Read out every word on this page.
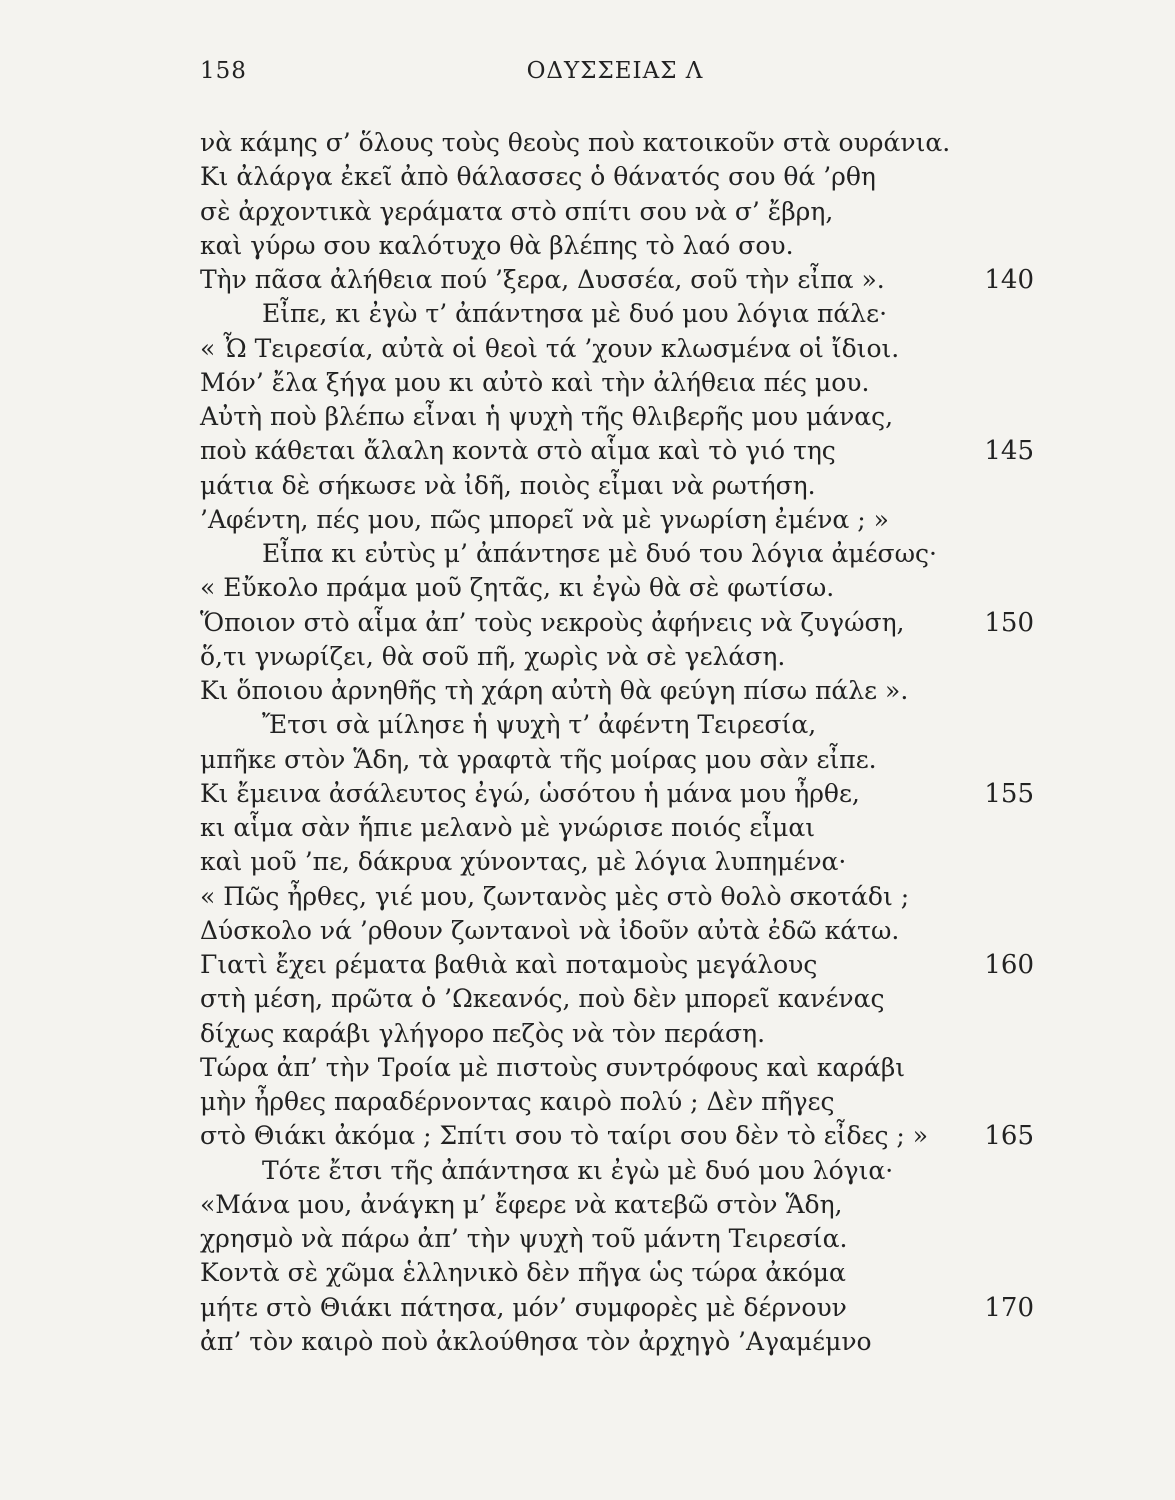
158	ΟΔΥΣΣΕΙΑΣ Λ
νὰ κάμης σ’ ὅλους τοὺς θεοὺς ποὺ κατοικοῦν στὰ ουράνια.
Κι ἀλάργα ἐκεῖ ἀπὸ θάλασσες ὁ θάνατός σου θά ’ρθη
σὲ ἀρχοντικὰ γεράματα στὸ σπίτι σου νὰ σ’ ἔβρη,
καὶ γύρω σου καλότυχο θὰ βλέπης τὸ λαό σου.
Τὴν πᾶσα ἀλήθεια πού ’ξερα, Δυσσέα, σοῦ τὴν εἶπα ».	140
Εἶπε, κι ἐγὼ τ’ ἀπάντησα μὲ δυό μου λόγια πάλε·
« Ὦ Τειρεσία, αὐτὰ οἱ θεοὶ τά ’χουν κλωσμένα οἱ ἴδιοι.
Μόν’ ἔλα ξήγα μου κι αὐτὸ καὶ τὴν ἀλήθεια πές μου.
Αὐτὴ ποὺ βλέπω εἶναι ἡ ψυχὴ τῆς θλιβερῆς μου μάνας,
ποὺ κάθεται ἄλαλη κοντὰ στὸ αἷμα καὶ τὸ γιό της	145
μάτια δὲ σήκωσε νὰ ἰδῆ, ποιὸς εἶμαι νὰ ρωτήση.
’Αφέντη, πές μου, πῶς μπορεῖ νὰ μὲ γνωρίση ἐμένα ; »
Εἶπα κι εὐτὺς μ’ ἀπάντησε μὲ δυό του λόγια ἀμέσως·
« Εὔκολο πράμα μοῦ ζητᾶς, κι ἐγὼ θὰ σὲ φωτίσω.
Ὅποιον στὸ αἷμα ἀπ’ τοὺς νεκροὺς ἀφήνεις νὰ ζυγώση,	150
ὅ,τι γνωρίζει, θὰ σοῦ πῆ, χωρὶς νὰ σὲ γελάση.
Κι ὅποιου ἀρνηθῆς τὴ χάρη αὐτὴ θὰ φεύγη πίσω πάλε ».
Ἔτσι σὰ μίλησε ἡ ψυχὴ τ’ ἀφέντη Τειρεσία,
μπῆκε στὸν Ἅδη, τὰ γραφτὰ τῆς μοίρας μου σὰν εἶπε.
Κι ἔμεινα ἀσάλευτος ἐγώ, ὡσότου ἡ μάνα μου ἦρθε,	155
κι αἷμα σὰν ἤπιε μελανὸ μὲ γνώρισε ποιός εἶμαι
καὶ μοῦ ’πε, δάκρυα χύνοντας, μὲ λόγια λυπημένα·
« Πῶς ἦρθες, γιέ μου, ζωντανὸς μὲς στὸ θολὸ σκοτάδι ;
Δύσκολο νά ’ρθουν ζωντανοὶ νὰ ἰδοῦν αὐτὰ ἐδῶ κάτω.
Γιατὶ ἔχει ρέματα βαθιὰ καὶ ποταμοὺς μεγάλους	160
στὴ μέση, πρῶτα ὁ ’Ωκεανός, ποὺ δὲν μπορεῖ κανένας
δίχως καράβι γλήγορο πεζὸς νὰ τὸν περάση.
Τώρα ἀπ’ τὴν Τροία μὲ πιστοὺς συντρόφους καὶ καράβι
μὴν ἦρθες παραδέρνοντας καιρὸ πολύ ; Δὲν πῆγες
στὸ Θιάκι ἀκόμα ; Σπίτι σου τὸ ταίρι σου δὲν τὸ εἶδες ; » 165
Τότε ἔτσι τῆς ἀπάντησα κι ἐγὼ μὲ δυό μου λόγια·
«Μάνα μου, ἀνάγκη μ’ ἔφερε νὰ κατεβῶ στὸν Ἅδη,
χρησμὸ νὰ πάρω ἀπ’ τὴν ψυχὴ τοῦ μάντη Τειρεσία.
Κοντὰ σὲ χῶμα ἑλληνικὸ δὲν πῆγα ὡς τώρα ἀκόμα
μήτε στὸ Θιάκι πάτησα, μόν’ συμφορὲς μὲ δέρνουν	170
ἀπ’ τὸν καιρὸ ποὺ ἀκλούθησα τὸν ἀρχηγὸ ’Αγαμέμνο
